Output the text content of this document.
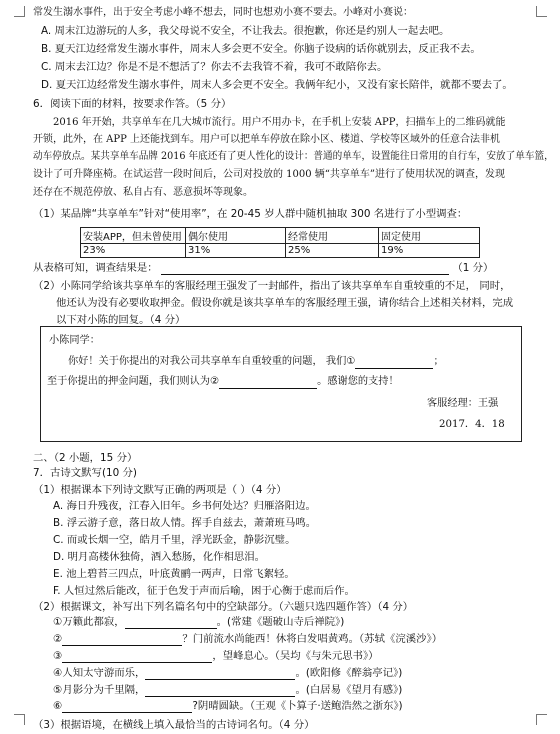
常发生溺水事件，出于安全考虑小峰不想去，同时也想劝小赛不要去。小峰对小赛说：
A. 周末江边游玩的人多，我父母说不安全，不让我去。很抱歉，你还是约别人一起去吧。
B. 夏天江边经常发生溺水事件，周末人多会更不安全。你脑子设病的话你就别去，反正我不去。
C. 周末去江边？你是不是不想活了？你去不去我管不着，我可不敢陪你去。
D. 夏天江边经常发生溺水事件，周末人多会更不安全。我俩年纪小，又没有家长陪伴，就都不要去了。
6．阅读下面的材料，按要求作答。（5 分）
2016 年开始，共享单车在几大城市流行。用户不用办卡，在手机上安装 APP，扫描车上的二维码就能
开锁，此外，在 APP 上还能找到车。用户可以把单车停放在除小区、楼道、学校等区域外的任意合法非机
动车停放点。某共享单车品牌 2016 年底还有了更人性化的设计：普通的单车，设置能往日常用的自行车，安放了单车篮，
设计了可升降座椅。在试运营一段时间后，公司对投放的 1000 辆“共享单车”进行了使用状况的调查，发现
还存在不规范停放、私自占有、恶意损坏等现象。
（1）某品牌“共享单车”针对“使用率”，在 20-45 岁人群中随机抽取 300 名进行了小型调查：
安装APP，但未曾使用	偶尔使用	经常使用	固定使用
23%	31%	25%	19%
从表格可知，调查结果是：	（1 分）
（2）小陈同学给该共享单车的客服经理王强发了一封邮件，指出了该共享单车自重较重的不足， 同时，
他还认为没有必要收取押金。假设你就是该共享单车的客服经理王强，请你结合上述相关材料，完成
以下对小陈的回复。（4 分）
小陈同学：
你好！关于你提出的对我公司共享单车自重较重的问题， 我们①	；
至于你提出的押金问题，我们则认为②	。感谢您的支持！
客服经理：王强
2017．4．18
二、（2 小题，15 分）
7．古诗文默写(10 分)
（1）根据课本下列诗文默写正确的两项是（ ）（4 分）
A. 海日升残夜，江春入旧年。乡书何处达？归雁洛阳边。
B. 浮云游子意，落日故人情。挥手自兹去，萧萧班马鸣。
C. 而或长烟一空，皓月千里，浮光跃金，静影沉璧。
D. 明月高楼休独倚，酒入愁肠，化作相思泪。
E. 池上碧苔三四点，叶底黄鹂一两声，日常飞絮轻。
F. 人恒过然后能改，征于色发于声而后喻，困于心衡于虑而后作。
（2）根据课文，补写出下列名篇名句中的空缺部分。（六题只选四题作答）（4 分）
①万籁此都寂，	。(常建《题破山寺后禅院》)
②	？门前流水尚能西！休将白发唱黄鸡。（苏轼《浣溪沙》）
③	，望峰息心。（吴均《与朱元思书》）
④人知太守游而乐，	。(欧阳修《醉翁亭记》)
⑤月影分为千里隔，	。(白居易《望月有感》)
⑥	?阴晴圆缺。（王观《卜算子·送鲍浩然之浙东》)
（3）根据语境，在横线上填入最恰当的古诗词名句。（4 分）
